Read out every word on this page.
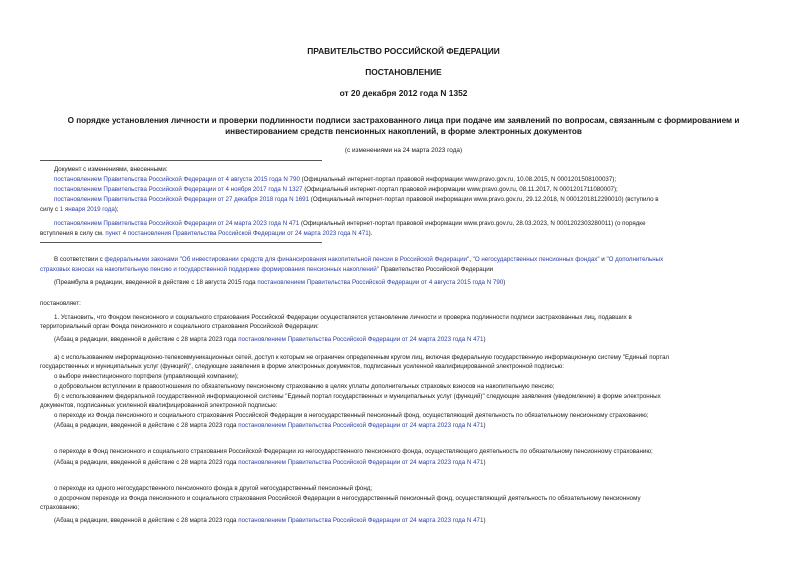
ПРАВИТЕЛЬСТВО РОССИЙСКОЙ ФЕДЕРАЦИИ
ПОСТАНОВЛЕНИЕ
от 20 декабря 2012 года N 1352
О порядке установления личности и проверки подлинности подписи застрахованного лица при подаче им заявлений по вопросам, связанным с формированием и инвестированием средств пенсионных накоплений, в форме электронных документов
(с изменениями на 24 марта 2023 года)
Документ с изменениями, внесенными:
постановлением Правительства Российской Федерации от 4 августа 2015 года N 790 (Официальный интернет-портал правовой информации www.pravo.gov.ru, 10.08.2015, N 0001201508100037);
постановлением Правительства Российской Федерации от 4 ноября 2017 года N 1327 (Официальный интернет-портал правовой информации www.pravo.gov.ru, 08.11.2017, N 0001201711080007);
постановлением Правительства Российской Федерации от 27 декабря 2018 года N 1691 (Официальный интернет-портал правовой информации www.pravo.gov.ru, 29.12.2018, N 0001201812290010) (вступило в
силу с 1 января 2019 года);
постановлением Правительства Российской Федерации от 24 марта 2023 года N 471 (Официальный интернет-портал правовой информации www.pravo.gov.ru, 28.03.2023, N 0001202303280011) (о порядке
вступления в силу см. пункт 4 постановления Правительства Российской Федерации от 24 марта 2023 года N 471).
В соответствии с федеральными законами "Об инвестировании средств для финансирования накопительной пенсии в Российской Федерации", "О негосударственных пенсионных фондах" и "О дополнительных
страховых взносах на накопительную пенсию и государственной поддержке формирования пенсионных накоплений" Правительство Российской Федерации
(Преамбула в редакции, введенной в действие с 18 августа 2015 года постановлением Правительства Российской Федерации от 4 августа 2015 года N 790)
постановляет:
1. Установить, что Фондом пенсионного и социального страхования Российской Федерации осуществляется установление личности и проверка подлинности подписи застрахованных лиц, подавших в
территориальный орган Фонда пенсионного и социального страхования Российской Федерации:
(Абзац в редакции, введенной в действие с 28 марта 2023 года постановлением Правительства Российской Федерации от 24 марта 2023 года N 471)
а) с использованием информационно-телекоммуникационных сетей, доступ к которым не ограничен определенным кругом лиц, включая федеральную государственную информационную систему "Единый портал
государственных и муниципальных услуг (функций)", следующие заявления в форме электронных документов, подписанных усиленной квалифицированной электронной подписью:
о выборе инвестиционного портфеля (управляющей компании);
о добровольном вступлении в правоотношения по обязательному пенсионному страхованию в целях уплаты дополнительных страховых взносов на накопительную пенсию;
б) с использованием федеральной государственной информационной системы "Единый портал государственных и муниципальных услуг (функций)" следующие заявления (уведомление) в форме электронных
документов, подписанных усиленной квалифицированной электронной подписью:
о переходе из Фонда пенсионного и социального страхования Российской Федерации в негосударственный пенсионный фонд, осуществляющий деятельность по обязательному пенсионному страхованию;
(Абзац в редакции, введенной в действие с 28 марта 2023 года постановлением Правительства Российской Федерации от 24 марта 2023 года N 471)
о переходе в Фонд пенсионного и социального страхования Российской Федерации из негосударственного пенсионного фонда, осуществляющего деятельность по обязательному пенсионному страхованию;
(Абзац в редакции, введенной в действие с 28 марта 2023 года постановлением Правительства Российской Федерации от 24 марта 2023 года N 471)
о переходе из одного негосударственного пенсионного фонда в другой негосударственный пенсионный фонд;
о досрочном переходе из Фонда пенсионного и социального страхования Российской Федерации в негосударственный пенсионный фонд, осуществляющий деятельность по обязательному пенсионному
страхованию;
(Абзац в редакции, введенной в действие с 28 марта 2023 года постановлением Правительства Российской Федерации от 24 марта 2023 года N 471)
